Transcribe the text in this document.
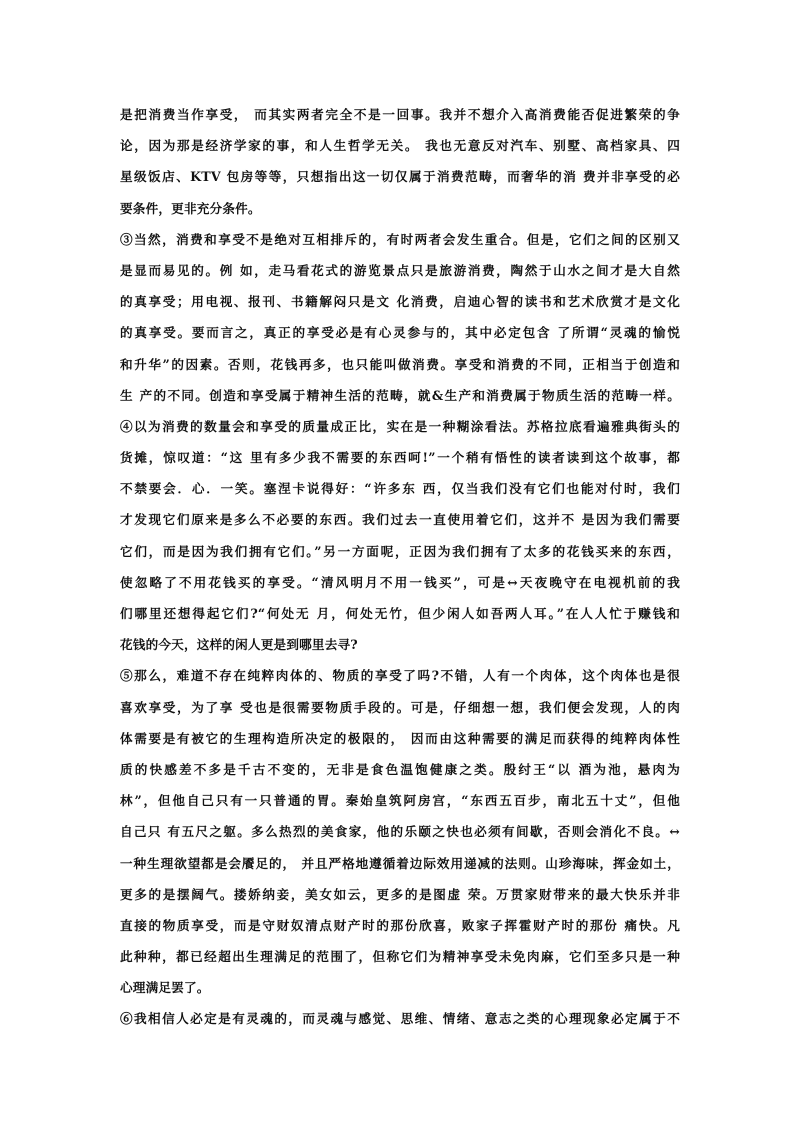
是把消费当作享受， 而其实两者完全不是一回事。我并不想介入高消费能否促进繁荣的争
论，因为那是经济学家的事，和人生哲学无关。 我也无意反对汽车、别墅、高档家具、四
星级饭店、KTV 包房等等，只想指出这一切仅属于消费范畴，而奢华的消 费并非享受的必
要条件，更非充分条件。
③当然，消费和享受不是绝对互相排斥的，有时两者会发生重合。但是，它们之间的区别又
是显而易见的。例 如，走马看花式的游览景点只是旅游消费，陶然于山水之间才是大自然
的真享受；用电视、报刊、书籍解闷只是文 化消费，启迪心智的读书和艺术欣赏才是文化
的真享受。要而言之，真正的享受必是有心灵参与的，其中必定包含 了所谓“灵魂的愉悦
和升华”的因素。否则，花钱再多，也只能叫做消费。享受和消费的不同，正相当于创造和
生 产的不同。创造和享受属于精神生活的范畴，就&生产和消费属于物质生活的范畴一样。
④以为消费的数量会和享受的质量成正比，实在是一种糊涂看法。苏格拉底看遍雅典街头的
货摊，惊叹道：“这 里有多少我不需要的东西呵!”一个稍有悟性的读者读到这个故事，都
不禁要会．心．一笑。塞涅卡说得好：“许多东 西，仅当我们没有它们也能对付时，我们
才发现它们原来是多么不必要的东西。我们过去一直使用着它们，这并不 是因为我们需要
它们，而是因为我们拥有它们。”另一方面呢，正因为我们拥有了太多的花钱买来的东西，
使忽略了不用花钱买的享受。“清风明月不用一钱买”，可是↔天夜晚守在电视机前的我
们哪里还想得起它们?“何处无 月，何处无竹，但少闲人如吾两人耳。”在人人忙于赚钱和
花钱的今天，这样的闲人更是到哪里去寻?
⑤那么，难道不存在纯粹肉体的、物质的享受了吗?不错，人有一个肉体，这个肉体也是很
喜欢享受，为了享 受也是很需要物质手段的。可是，仔细想一想，我们便会发现，人的肉
体需要是有被它的生理构造所决定的极限的， 因而由这种需要的满足而获得的纯粹肉体性
质的快感差不多是千古不变的，无非是食色温饱健康之类。殷纣王“以 酒为池，悬肉为
林”，但他自己只有一只普通的胃。秦始皇筑阿房宫，“东西五百步，南北五十丈”，但他
自己只 有五尺之躯。多么热烈的美食家，他的乐颐之快也必须有间歇，否则会消化不良。↔
一种生理欲望都是会餍足的， 并且严格地遵循着边际效用递减的法则。山珍海味，挥金如土，
更多的是摆阔气。搂娇纳妾，美女如云，更多的是图虚 荣。万贯家财带来的最大快乐并非
直接的物质享受，而是守财奴清点财产时的那份欣喜，败家子挥霍财产时的那份 痛快。凡
此种种，都已经超出生理满足的范围了，但称它们为精神享受未免肉麻，它们至多只是一种
心理满足罢了。
⑥我相信人必定是有灵魂的，而灵魂与感觉、思维、情绪、意志之类的心理现象必定属于不
